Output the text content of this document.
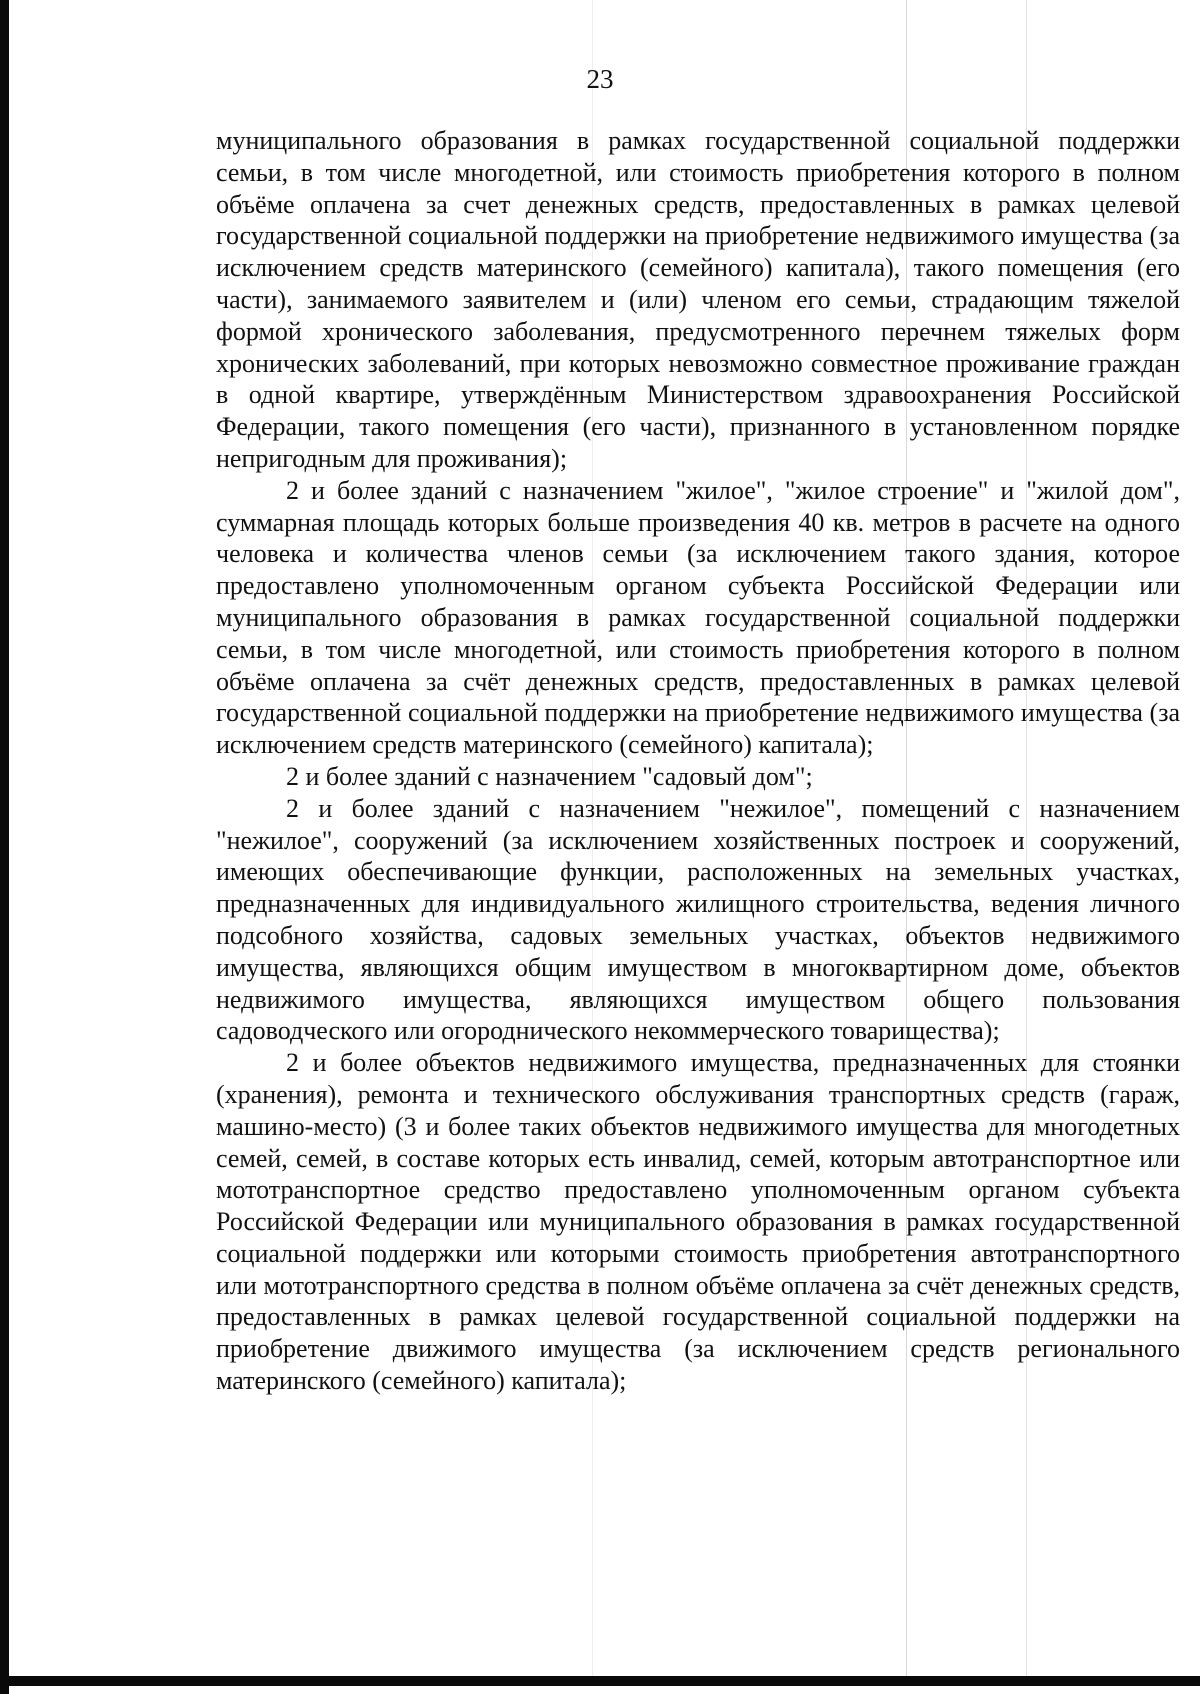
23

муниципального образования в рамках государственной социальной поддержки семьи, в том числе многодетной, или стоимость приобретения которого в полном объёме оплачена за счет денежных средств, предоставленных в рамках целевой государственной социальной поддержки на приобретение недвижимого имущества (за исключением средств материнского (семейного) капитала), такого помещения (его части), занимаемого заявителем и (или) членом его семьи, страдающим тяжелой формой хронического заболевания, предусмотренного перечнем тяжелых форм хронических заболеваний, при которых невозможно совместное проживание граждан в одной квартире, утверждённым Министерством здравоохранения Российской Федерации, такого помещения (его части), признанного в установленном порядке непригодным для проживания);

2 и более зданий с назначением "жилое", "жилое строение" и "жилой дом", суммарная площадь которых больше произведения 40 кв. метров в расчете на одного человека и количества членов семьи (за исключением такого здания, которое предоставлено уполномоченным органом субъекта Российской Федерации или муниципального образования в рамках государственной социальной поддержки семьи, в том числе многодетной, или стоимость приобретения которого в полном объёме оплачена за счёт денежных средств, предоставленных в рамках целевой государственной социальной поддержки на приобретение недвижимого имущества (за исключением средств материнского (семейного) капитала);

2 и более зданий с назначением "садовый дом";

2 и более зданий с назначением "нежилое", помещений с назначением "нежилое", сооружений (за исключением хозяйственных построек и сооружений, имеющих обеспечивающие функции, расположенных на земельных участках, предназначенных для индивидуального жилищного строительства, ведения личного подсобного хозяйства, садовых земельных участках, объектов недвижимого имущества, являющихся общим имуществом в многоквартирном доме, объектов недвижимого имущества, являющихся имуществом общего пользования садоводческого или огороднического некоммерческого товарищества);

2 и более объектов недвижимого имущества, предназначенных для стоянки (хранения), ремонта и технического обслуживания транспортных средств (гараж, машино-место) (3 и более таких объектов недвижимого имущества для многодетных семей, семей, в составе которых есть инвалид, семей, которым автотранспортное или мототранспортное средство предоставлено уполномоченным органом субъекта Российской Федерации или муниципального образования в рамках государственной социальной поддержки или которыми стоимость приобретения автотранспортного или мототранспортного средства в полном объёме оплачена за счёт денежных средств, предоставленных в рамках целевой государственной социальной поддержки на приобретение движимого имущества (за исключением средств регионального материнского (семейного) капитала);
